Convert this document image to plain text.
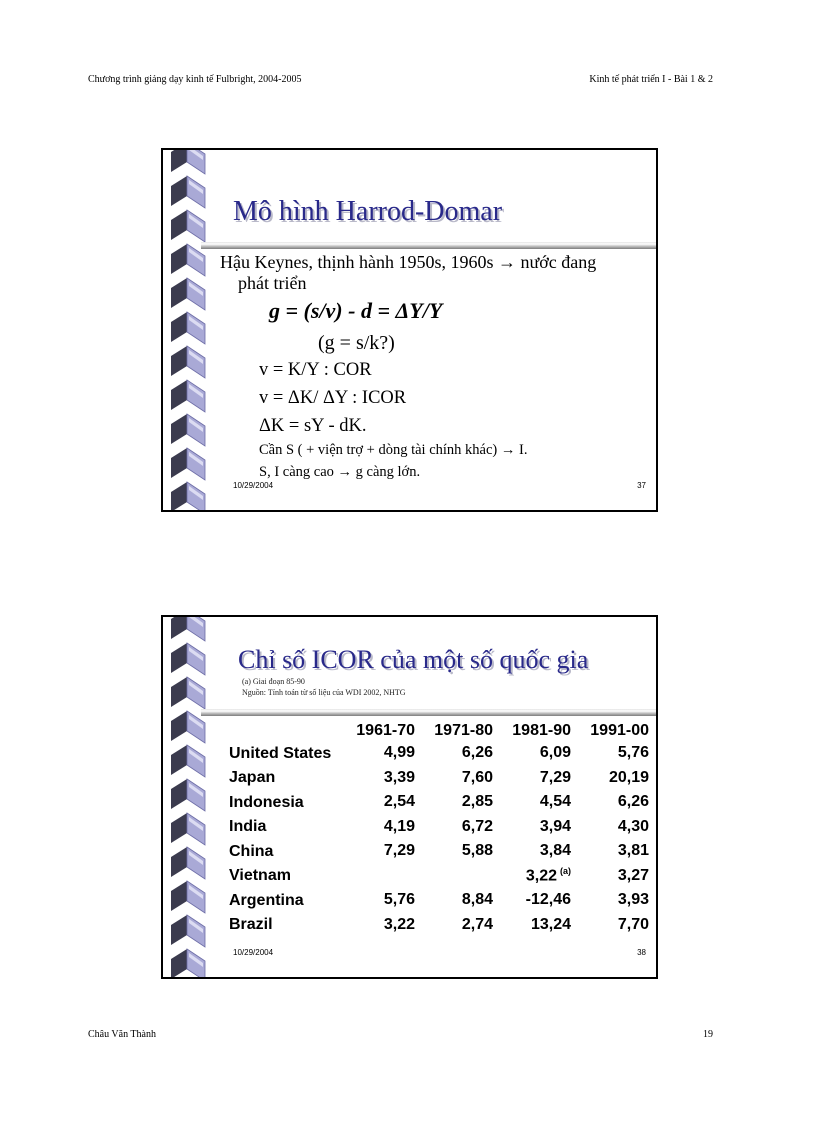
Chương trình giảng dạy kinh tế Fulbright, 2004-2005	Kinh tế phát triển I - Bài 1 & 2
Mô hình Harrod-Domar
Hậu Keynes, thịnh hành 1950s, 1960s → nước đang
phát triển
g = (s/v) - d = ΔY/Y
(g = s/k?)
v = K/Y : COR
v = ΔK/ ΔY : ICOR
ΔK = sY - dK.
Cần S ( + viện trợ + dòng tài chính khác) → I.
S, I càng cao → g càng lớn.
10/29/2004	37
Chỉ số ICOR của một số quốc gia
(a) Giai đoạn 85-90
Nguồn: Tính toán từ số liệu của WDI 2002, NHTG
	1961-70	1971-80	1981-90	1991-00
United States	4,99	6,26	6,09	5,76
Japan	3,39	7,60	7,29	20,19
Indonesia	2,54	2,85	4,54	6,26
India	4,19	6,72	3,94	4,30
China	7,29	5,88	3,84	3,81
Vietnam			3,22 $^{(a)}$	3,27
Argentina	5,76	8,84	-12,46	3,93
Brazil	3,22	2,74	13,24	7,70
10/29/2004	38
Châu Văn Thành	19
